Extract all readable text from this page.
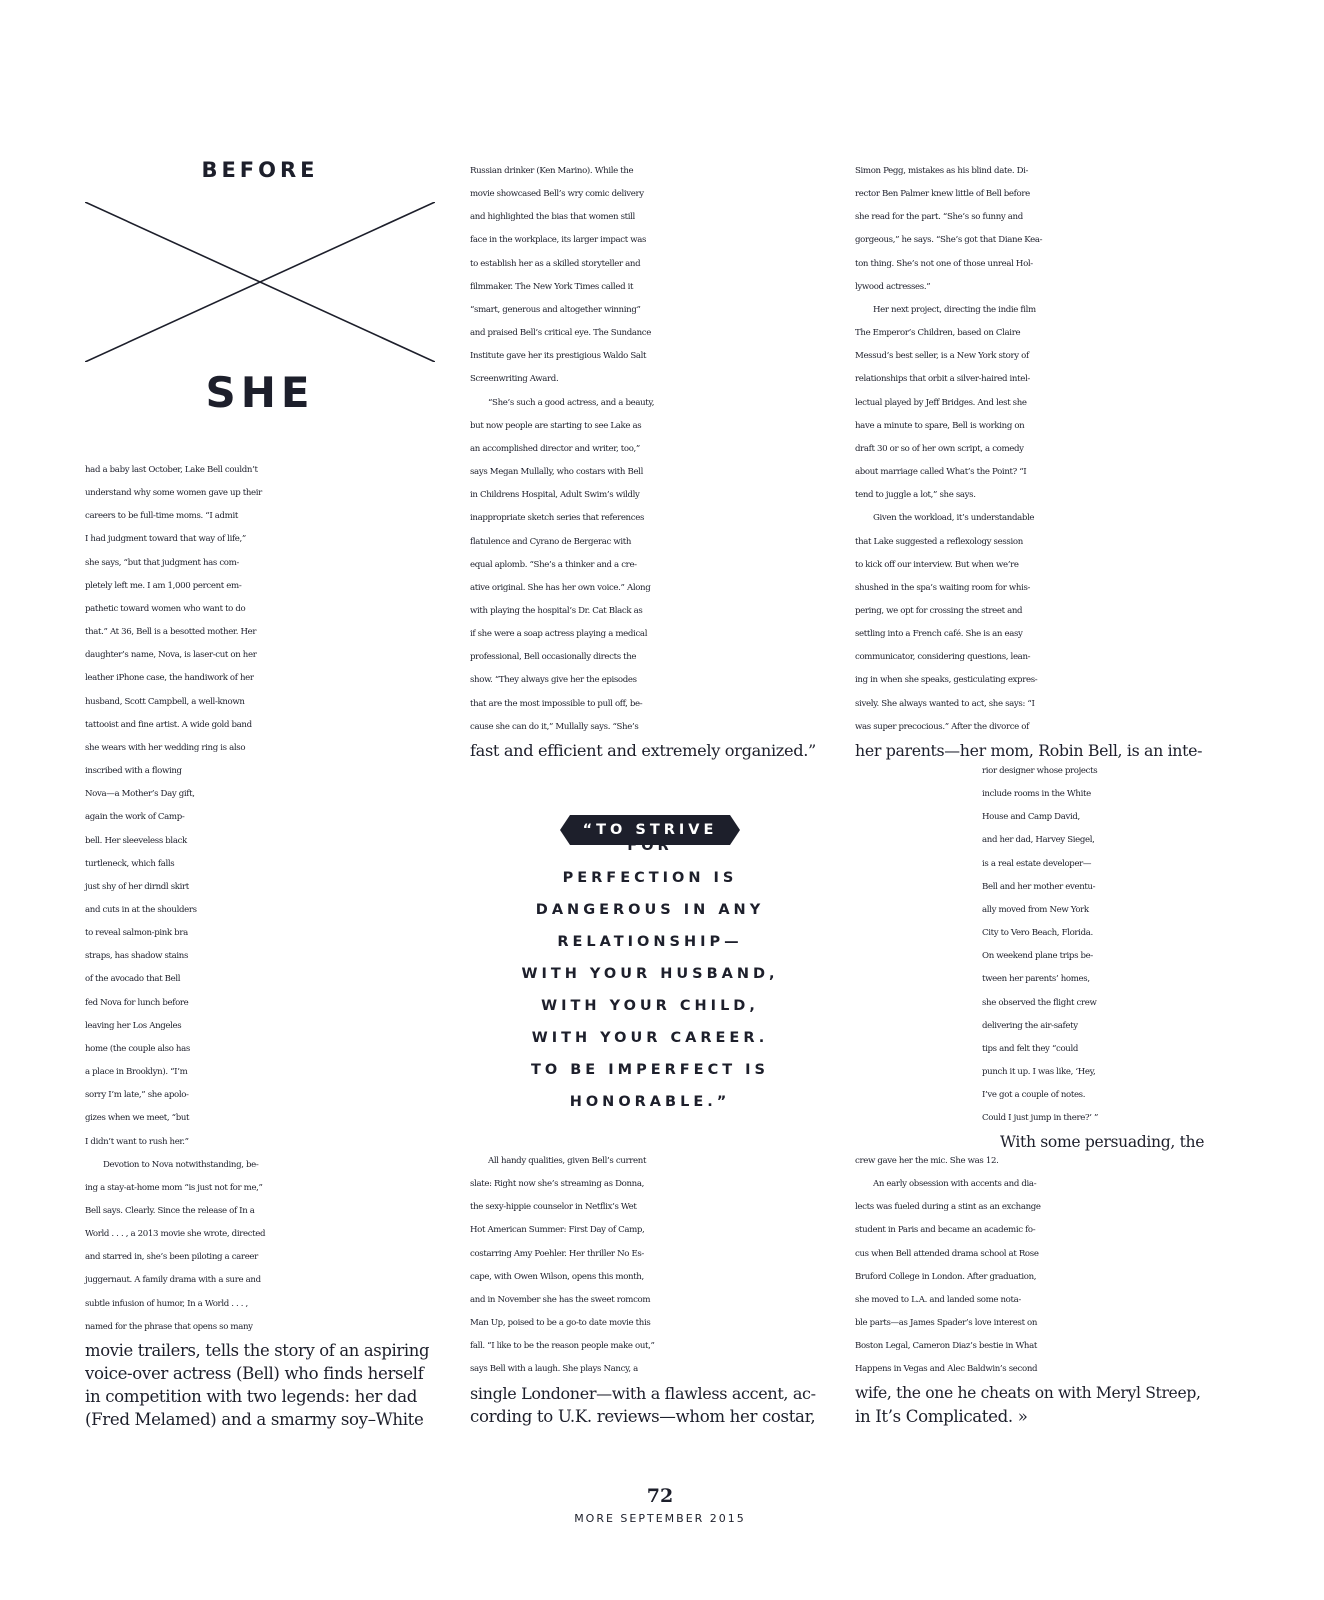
BEFORE
SHE
had a baby last October, Lake Bell couldn’t
understand why some women gave up their
careers to be full-time moms. “I admit
I had judgment toward that way of life,”
she says, “but that judgment has com-
pletely left me. I am 1,000 percent em-
pathetic toward women who want to do
that.” At 36, Bell is a besotted mother. Her
daughter’s name, Nova, is laser-cut on her
leather iPhone case, the handiwork of her
husband, Scott Campbell, a well-known
tattooist and fine artist. A wide gold band
she wears with her wedding ring is also
inscribed with a flowing
Nova—a Mother’s Day gift,
again the work of Camp-
bell. Her sleeveless black
turtleneck, which falls
just shy of her dirndl skirt
and cuts in at the shoulders
to reveal salmon-pink bra
straps, has shadow stains
of the avocado that Bell
fed Nova for lunch before
leaving her Los Angeles
home (the couple also has
a place in Brooklyn). “I’m
sorry I’m late,” she apolo-
gizes when we meet, “but
I didn’t want to rush her.”
Devotion to Nova notwithstanding, be-
ing a stay-at-home mom “is just not for me,”
Bell says. Clearly. Since the release of In a
World . . . , a 2013 movie she wrote, directed
and starred in, she’s been piloting a career
juggernaut. A family drama with a sure and
subtle infusion of humor, In a World . . . ,
named for the phrase that opens so many
movie trailers, tells the story of an aspiring
voice-over actress (Bell) who finds herself
in competition with two legends: her dad
(Fred Melamed) and a smarmy soy–White
Russian drinker (Ken Marino). While the
movie showcased Bell’s wry comic delivery
and highlighted the bias that women still
face in the workplace, its larger impact was
to establish her as a skilled storyteller and
filmmaker. The New York Times called it
“smart, generous and altogether winning”
and praised Bell’s critical eye. The Sundance
Institute gave her its prestigious Waldo Salt
Screenwriting Award.
“She’s such a good actress, and a beauty,
but now people are starting to see Lake as
an accomplished director and writer, too,”
says Megan Mullally, who costars with Bell
in Childrens Hospital, Adult Swim’s wildly
inappropriate sketch series that references
flatulence and Cyrano de Bergerac with
equal aplomb. “She’s a thinker and a cre-
ative original. She has her own voice.” Along
with playing the hospital’s Dr. Cat Black as
if she were a soap actress playing a medical
professional, Bell occasionally directs the
show. “They always give her the episodes
that are the most impossible to pull off, be-
cause she can do it,” Mullally says. “She’s
fast and efficient and extremely organized.”
All handy qualities, given Bell’s current
slate: Right now she’s streaming as Donna,
the sexy-hippie counselor in Netflix’s Wet
Hot American Summer: First Day of Camp,
costarring Amy Poehler. Her thriller No Es-
cape, with Owen Wilson, opens this month,
and in November she has the sweet romcom
Man Up, poised to be a go-to date movie this
fall. “I like to be the reason people make out,”
says Bell with a laugh. She plays Nancy, a
single Londoner—with a flawless accent, ac-
cording to U.K. reviews—whom her costar,
Simon Pegg, mistakes as his blind date. Di-
rector Ben Palmer knew little of Bell before
she read for the part. “She’s so funny and
gorgeous,” he says. “She’s got that Diane Kea-
ton thing. She’s not one of those unreal Hol-
lywood actresses.”
Her next project, directing the indie film
The Emperor’s Children, based on Claire
Messud’s best seller, is a New York story of
relationships that orbit a silver-haired intel-
lectual played by Jeff Bridges. And lest she
have a minute to spare, Bell is working on
draft 30 or so of her own script, a comedy
about marriage called What’s the Point? “I
tend to juggle a lot,” she says.
Given the workload, it’s understandable
that Lake suggested a reflexology session
to kick off our interview. But when we’re
shushed in the spa’s waiting room for whis-
pering, we opt for crossing the street and
settling into a French café. She is an easy
communicator, considering questions, lean-
ing in when she speaks, gesticulating expres-
sively. She always wanted to act, she says: “I
was super precocious.” After the divorce of
her parents—her mom, Robin Bell, is an inte-
rior designer whose projects
include rooms in the White
House and Camp David,
and her dad, Harvey Siegel,
is a real estate developer—
Bell and her mother eventu-
ally moved from New York
City to Vero Beach, Florida.
On weekend plane trips be-
tween her parents’ homes,
she observed the flight crew
delivering the air-safety
tips and felt they “could
punch it up. I was like, ‘Hey,
I’ve got a couple of notes.
Could I just jump in there?’ ”
With some persuading, the
crew gave her the mic. She was 12.
An early obsession with accents and dia-
lects was fueled during a stint as an exchange
student in Paris and became an academic fo-
cus when Bell attended drama school at Rose
Bruford College in London. After graduation,
she moved to L.A. and landed some nota-
ble parts—as James Spader’s love interest on
Boston Legal, Cameron Diaz’s bestie in What
Happens in Vegas and Alec Baldwin’s second
wife, the one he cheats on with Meryl Streep,
in It’s Complicated. »
“TO STRIVE
FOR
PERFECTION IS
DANGEROUS IN ANY
RELATIONSHIP—
WITH YOUR HUSBAND,
WITH YOUR CHILD,
WITH YOUR CAREER.
TO BE IMPERFECT IS
HONORABLE.”
72
MORE SEPTEMBER 2015
